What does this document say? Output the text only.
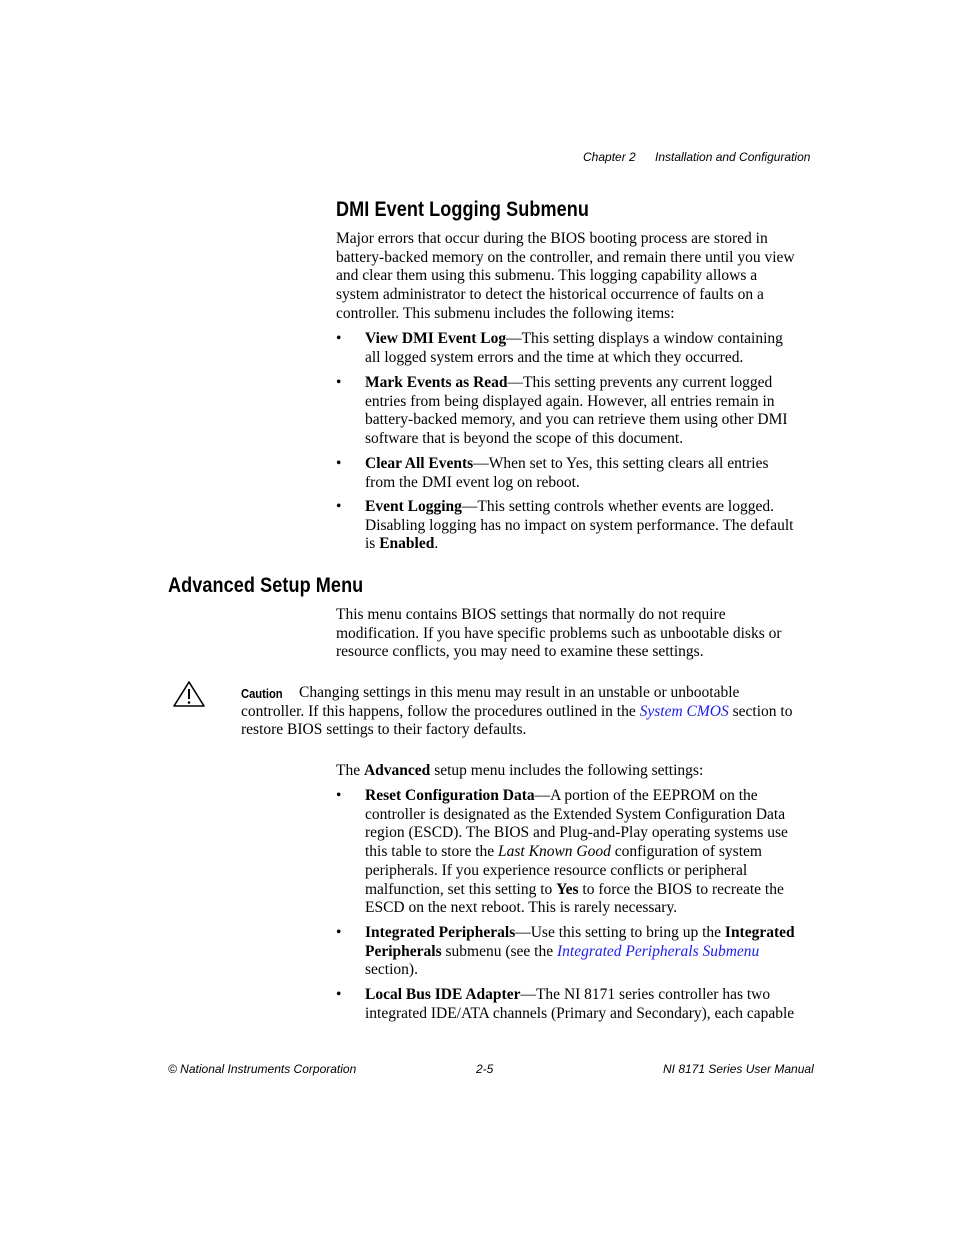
Chapter 2 Installation and Configuration
DMI Event Logging Submenu
Major errors that occur during the BIOS booting process are stored in battery-backed memory on the controller, and remain there until you view and clear them using this submenu. This logging capability allows a system administrator to detect the historical occurrence of faults on a controller. This submenu includes the following items:
• View DMI Event Log—This setting displays a window containing all logged system errors and the time at which they occurred.
• Mark Events as Read—This setting prevents any current logged entries from being displayed again. However, all entries remain in battery-backed memory, and you can retrieve them using other DMI software that is beyond the scope of this document.
• Clear All Events—When set to Yes, this setting clears all entries from the DMI event log on reboot.
• Event Logging—This setting controls whether events are logged. Disabling logging has no impact on system performance. The default is Enabled.
Advanced Setup Menu
This menu contains BIOS settings that normally do not require modification. If you have specific problems such as unbootable disks or resource conflicts, you may need to examine these settings.
Caution	Changing settings in this menu may result in an unstable or unbootable controller. If this happens, follow the procedures outlined in the System CMOS section to restore BIOS settings to their factory defaults.
The Advanced setup menu includes the following settings:
• Reset Configuration Data—A portion of the EEPROM on the controller is designated as the Extended System Configuration Data region (ESCD). The BIOS and Plug-and-Play operating systems use this table to store the Last Known Good configuration of system peripherals. If you experience resource conflicts or peripheral malfunction, set this setting to Yes to force the BIOS to recreate the ESCD on the next reboot. This is rarely necessary.
• Integrated Peripherals—Use this setting to bring up the Integrated Peripherals submenu (see the Integrated Peripherals Submenu section).
• Local Bus IDE Adapter—The NI 8171 series controller has two integrated IDE/ATA channels (Primary and Secondary), each capable
© National Instruments Corporation	2-5	NI 8171 Series User Manual
